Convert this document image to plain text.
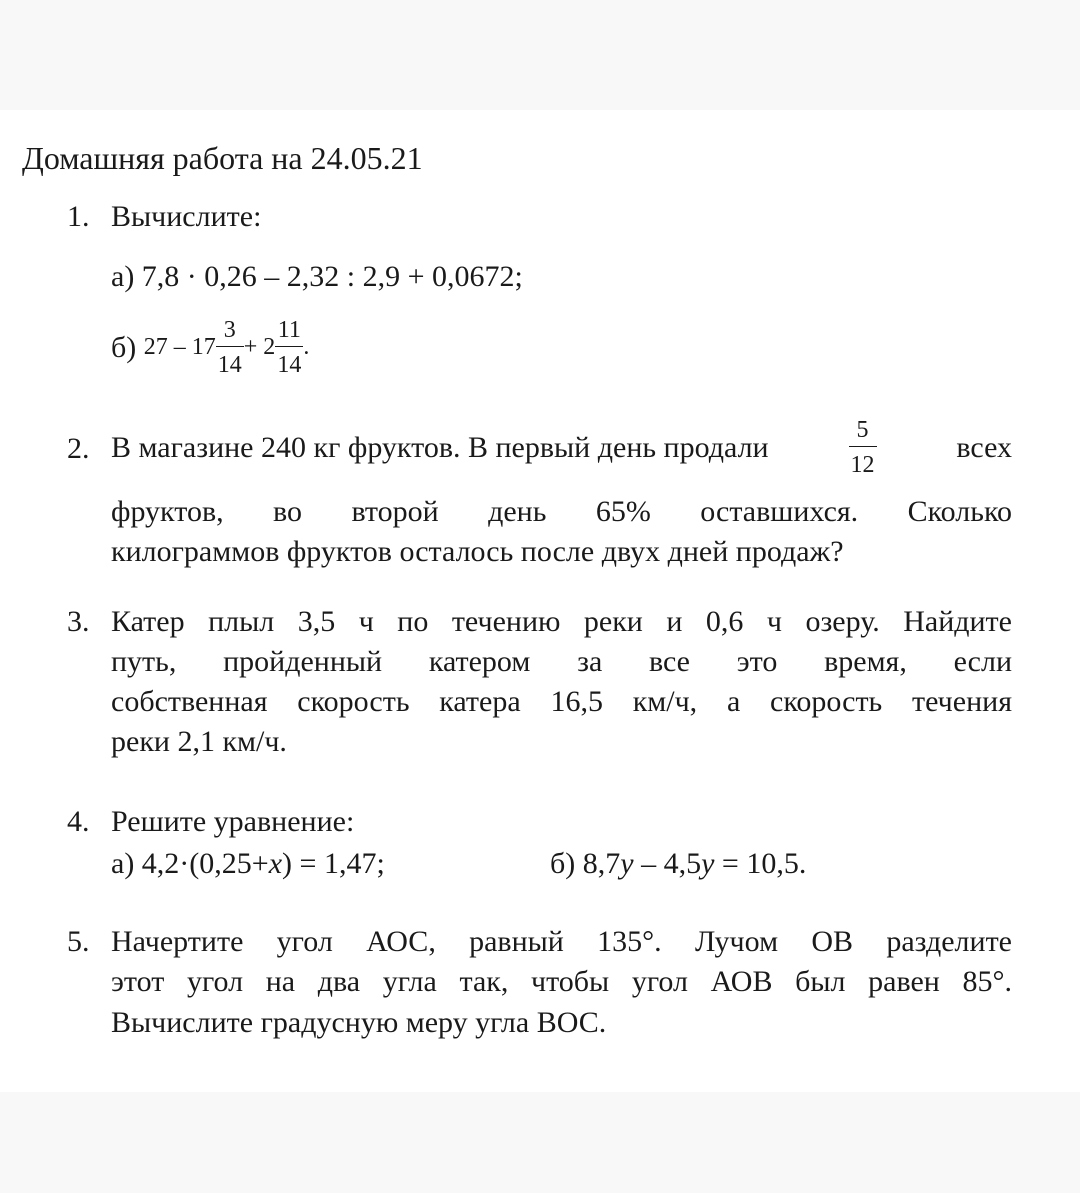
Домашняя работа на 24.05.21
1. Вычислите:
а) 7,8 · 0,26 – 2,32 : 2,9 + 0,0672;
б)
$27 - 17 \frac{3}{14} + 2 \frac{11}{14}$ .
2. В магазине 240 кг фруктов. В первый день продали	$\frac{5}{12}$	всех
фруктов, во второй день 65% оставшихся. Сколько
килограммов фруктов осталось после двух дней продаж?
3. Катер плыл 3,5 ч по течению реки и 0,6 ч озеру. Найдите
путь, пройденный катером за все это время, если
собственная скорость катера 16,5 км/ч, а скорость течения
реки 2,1 км/ч.
4. Решите уравнение:
а) 4,2·(0,25+x) = 1,47;	б) 8,7y – 4,5y = 10,5.
5. Начертите угол АОС, равный 135°. Лучом ОВ разделите
этот угол на два угла так, чтобы угол АОВ был равен 85°.
Вычислите градусную меру угла ВОС.
